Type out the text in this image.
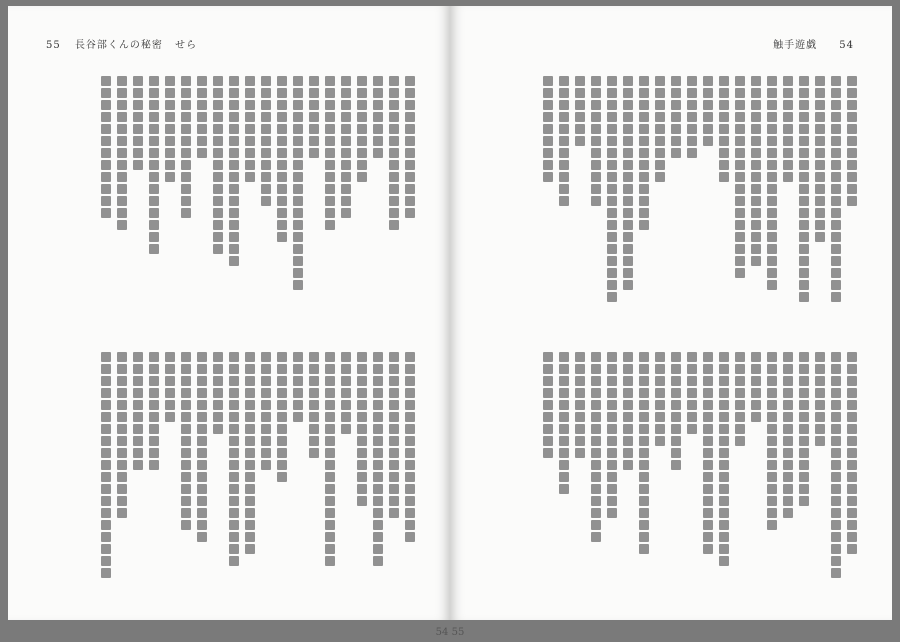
55 長谷部くんの秘密 せら	触手遊戯 54
54 55
